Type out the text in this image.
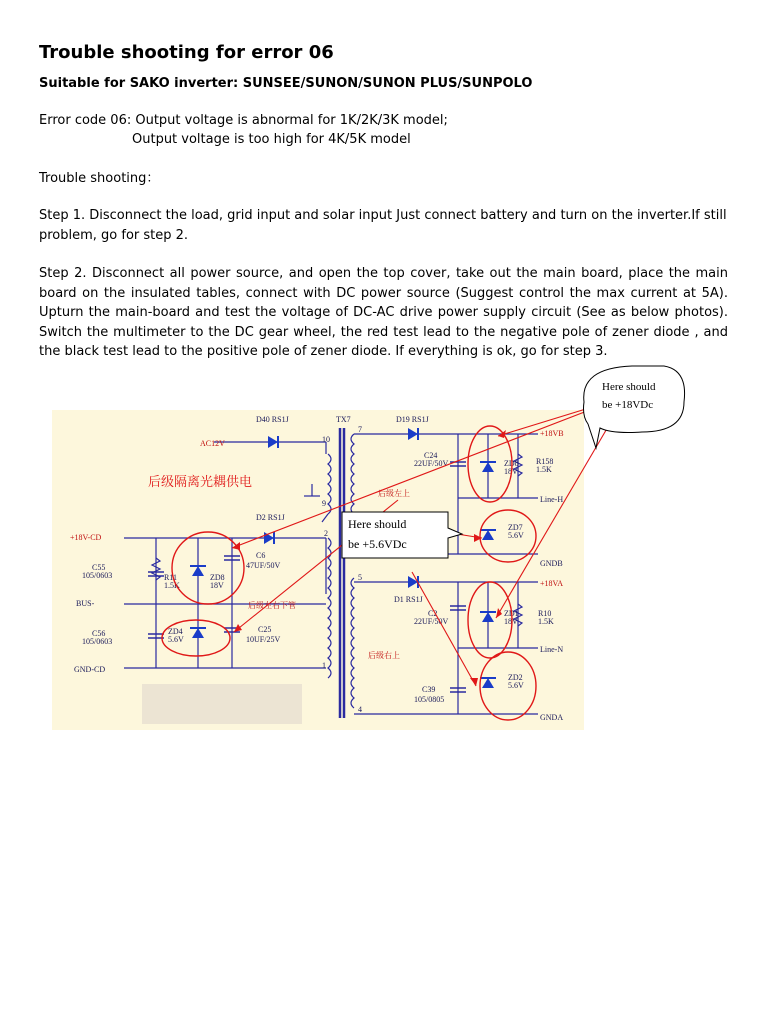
Trouble shooting for error 06
Suitable for SAKO inverter: SUNSEE/SUNON/SUNON PLUS/SUNPOLO
Error code 06: Output voltage is abnormal for 1K/2K/3K model;
Output voltage is too high for 4K/5K model
Trouble shooting：
Step 1. Disconnect the load, grid input and solar input Just connect battery and turn on the inverter.If still problem, go for step 2.
Step 2. Disconnect all power source, and open the top cover, take out the main board, place the main board on the insulated tables, connect with DC power source (Suggest control the max current at 5A). Upturn the main-board and test the voltage of DC-AC drive power supply circuit (See as below photos). Switch the multimeter to the DC gear wheel, the red test lead to the negative pole of zener diode , and the black test lead to the positive pole of zener diode. If everything is ok, go for step 3.
D40 RS1J
AC12V
TX7	D19 RS1J
10
7
9
2
5
1
4
+18VB
C24
22UF/50V	ZD8
18V
R158
1.5K
Line-H
后级左上
D2 RS1J
ZD7
5.6V
GNDB
+18VA
+18V-CD
C6
47UF/50V
C55
105/0603	R11
1.5K
ZD8
18V
BUS-	后级左右下管
D1 RS1J
C2
22UF/50V
ZD1
18V
R10
1.5K
C56
105/0603
ZD4
5.6V
C25
10UF/25V
Line-N
后级右上
GND-CD
C39
105/0805
ZD2
5.6V
GNDA
后级隔离光耦供电
Here should
be +18VDc
Here should
be +5.6VDc
